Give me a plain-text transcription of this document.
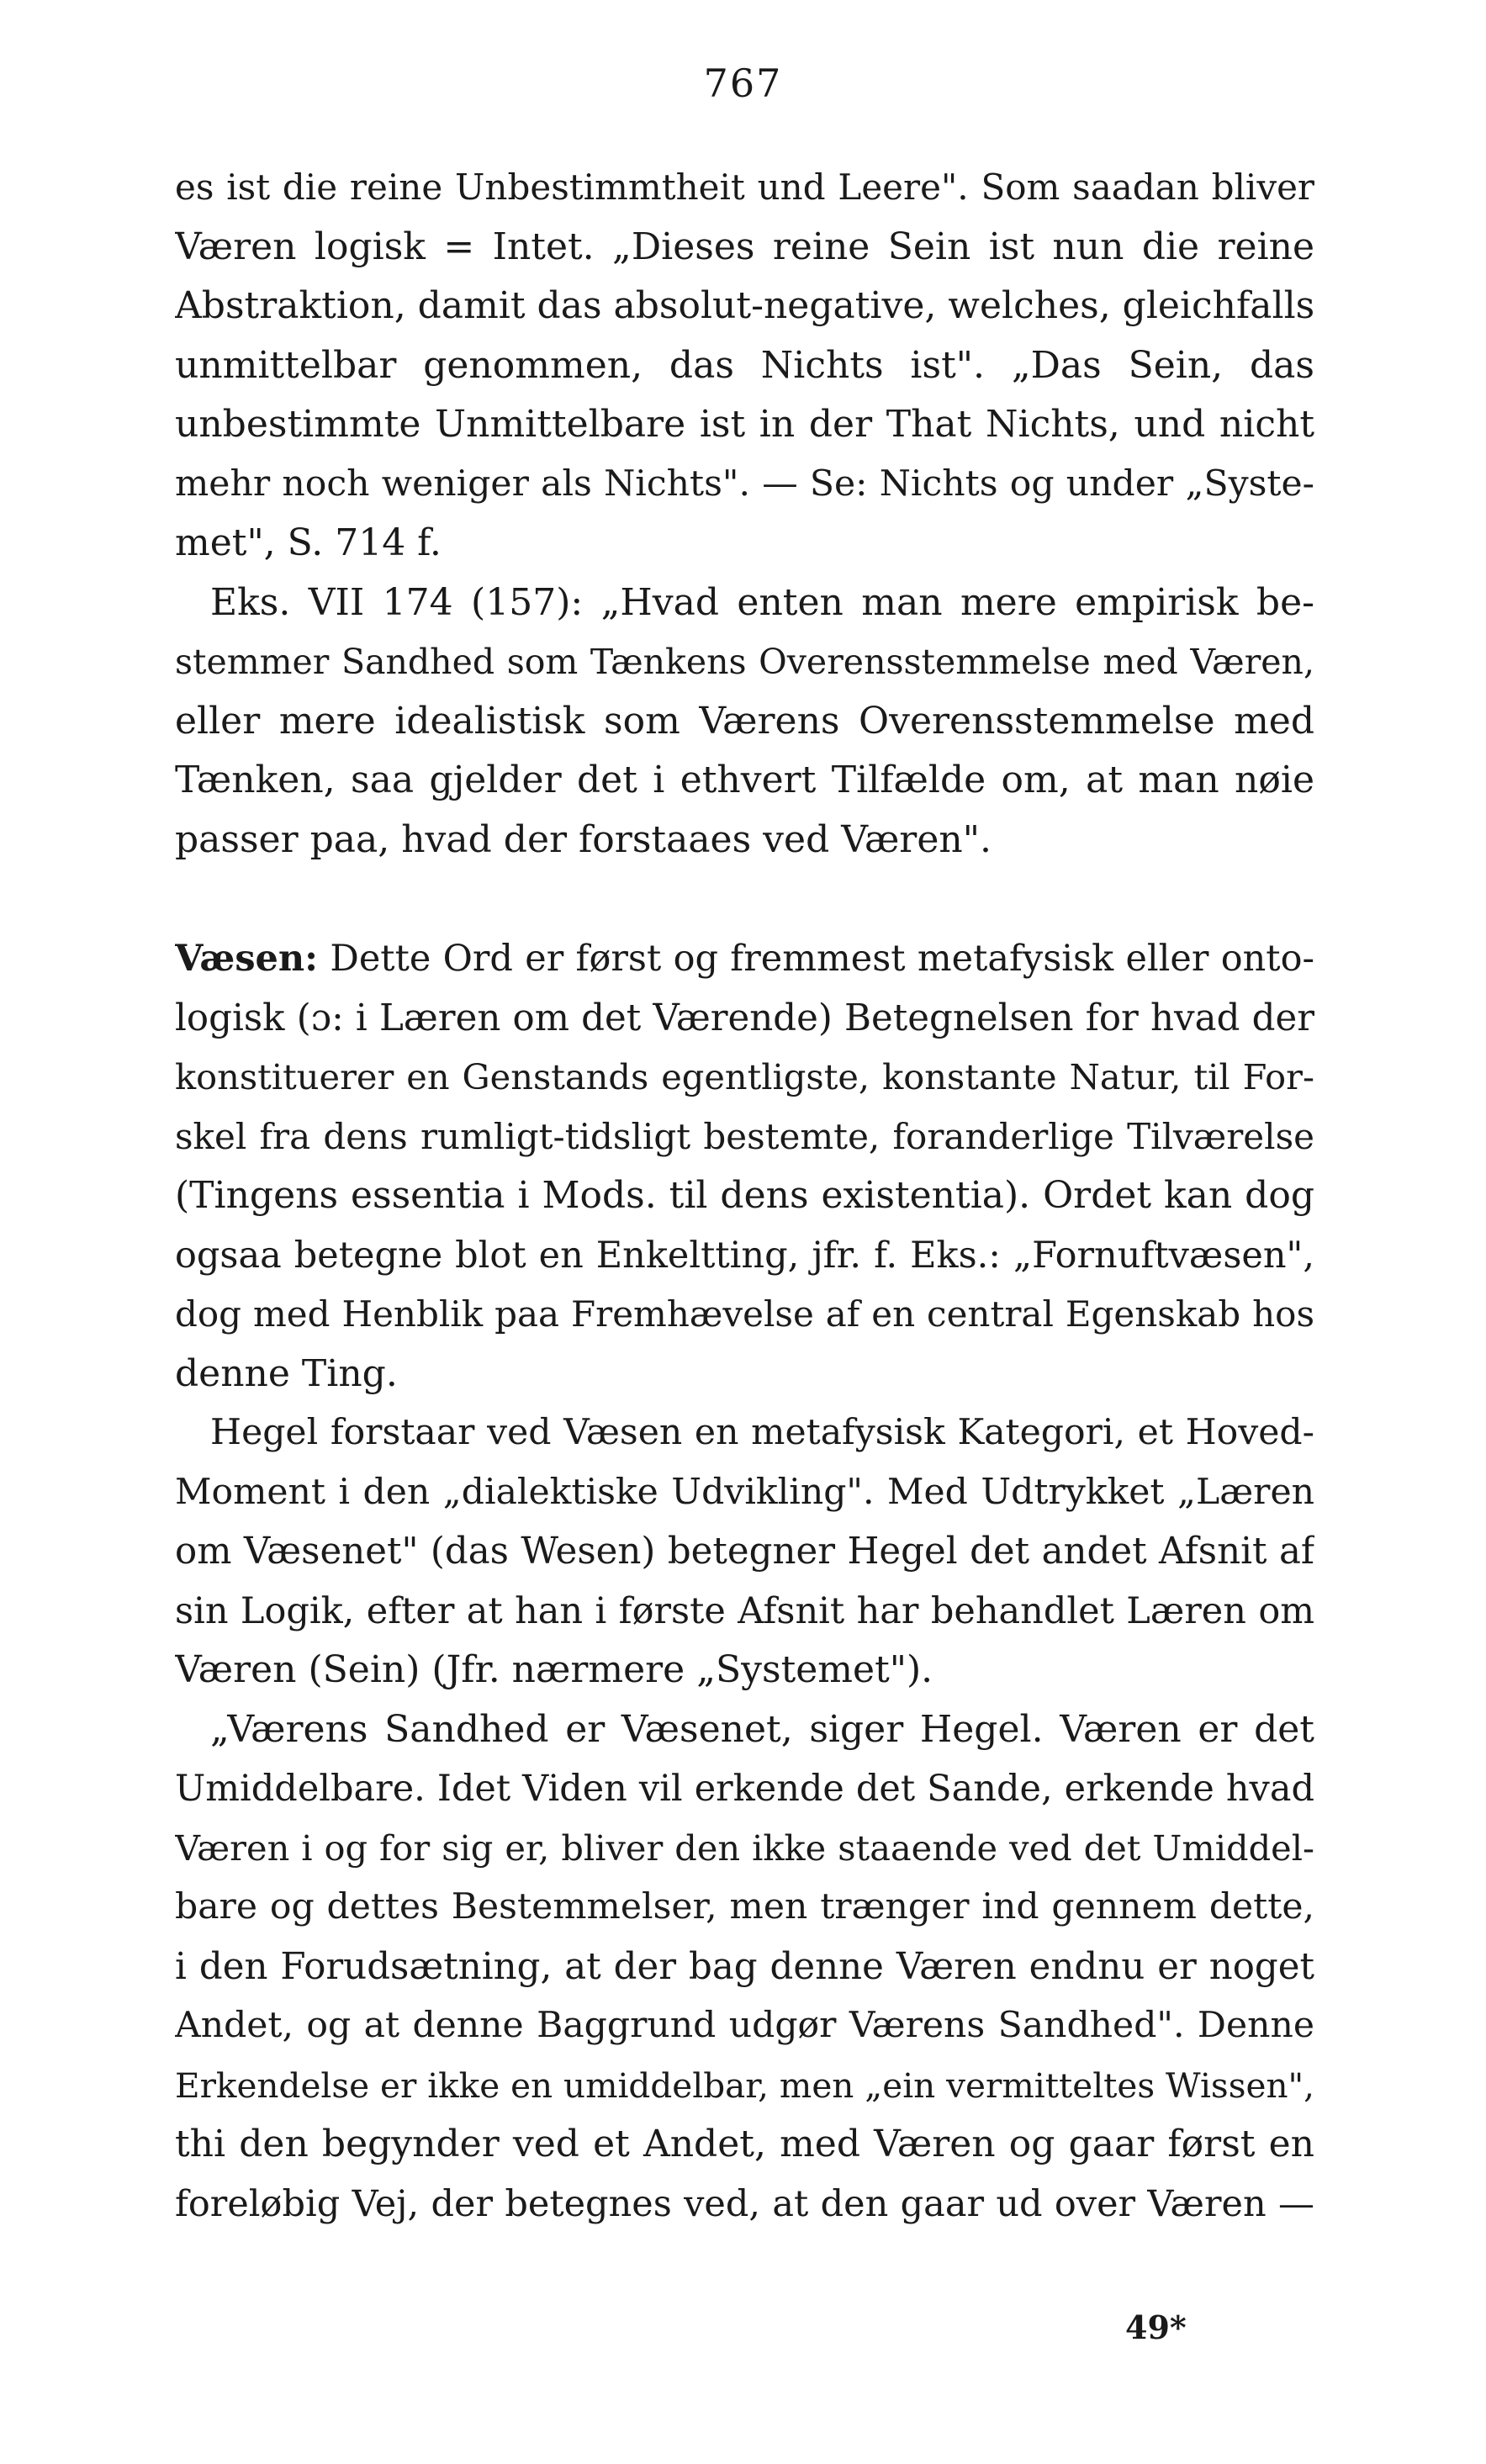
767
es ist die reine Unbestimmtheit und Leere". Som saadan bliver
Væren logisk = Intet. „Dieses reine Sein ist nun die reine
Abstraktion, damit das absolut-negative, welches, gleichfalls
unmittelbar genommen, das Nichts ist". „Das Sein, das
unbestimmte Unmittelbare ist in der That Nichts, und nicht
mehr noch weniger als Nichts". — Se: Nichts og under „Syste-
met", S. 714 f.
Eks. VII 174 (157): „Hvad enten man mere empirisk be-
stemmer Sandhed som Tænkens Overensstemmelse med Væren,
eller mere idealistisk som Værens Overensstemmelse med
Tænken, saa gjelder det i ethvert Tilfælde om, at man nøie
passer paa, hvad der forstaaes ved Væren".
Væsen: Dette Ord er først og fremmest metafysisk eller onto-
logisk (ɔ: i Læren om det Værende) Betegnelsen for hvad der
konstituerer en Genstands egentligste, konstante Natur, til For-
skel fra dens rumligt-tidsligt bestemte, foranderlige Tilværelse
(Tingens essentia i Mods. til dens existentia). Ordet kan dog
ogsaa betegne blot en Enkeltting, jfr. f. Eks.: „Fornuftvæsen",
dog med Henblik paa Fremhævelse af en central Egenskab hos
denne Ting.
Hegel forstaar ved Væsen en metafysisk Kategori, et Hoved-
Moment i den „dialektiske Udvikling". Med Udtrykket „Læren
om Væsenet" (das Wesen) betegner Hegel det andet Afsnit af
sin Logik, efter at han i første Afsnit har behandlet Læren om
Væren (Sein) (Jfr. nærmere „Systemet").
„Værens Sandhed er Væsenet, siger Hegel. Væren er det
Umiddelbare. Idet Viden vil erkende det Sande, erkende hvad
Væren i og for sig er, bliver den ikke staaende ved det Umiddel-
bare og dettes Bestemmelser, men trænger ind gennem dette,
i den Forudsætning, at der bag denne Væren endnu er noget
Andet, og at denne Baggrund udgør Værens Sandhed". Denne
Erkendelse er ikke en umiddelbar, men „ein vermitteltes Wissen",
thi den begynder ved et Andet, med Væren og gaar først en
foreløbig Vej, der betegnes ved, at den gaar ud over Væren —
49*
